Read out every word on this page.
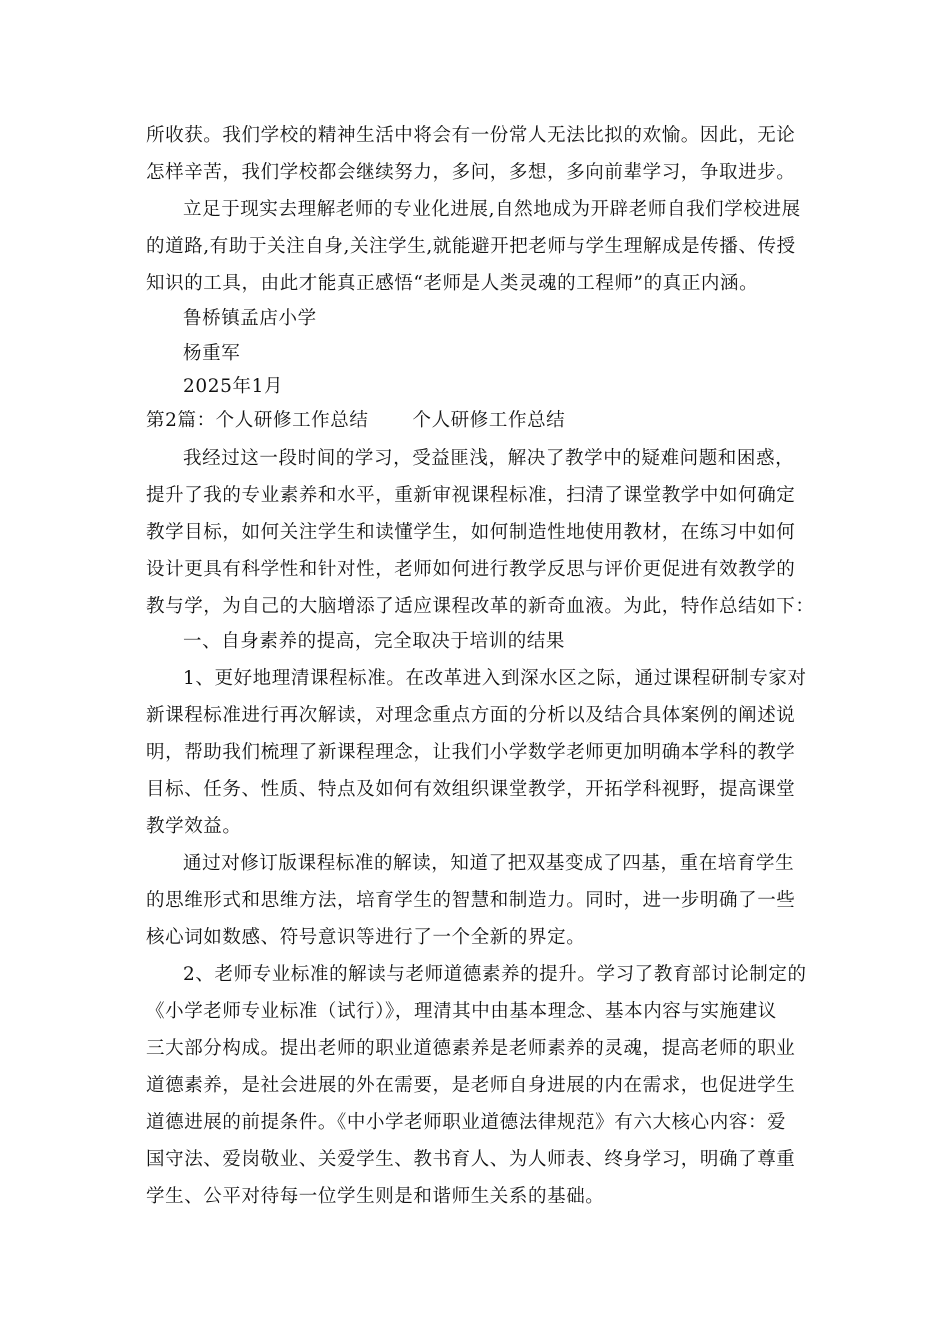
所收获。我们学校的精神生活中将会有一份常人无法比拟的欢愉。因此，无论
怎样辛苦，我们学校都会继续努力，多问，多想，多向前辈学习，争取进步。
立足于现实去理解老师的专业化进展,自然地成为开辟老师自我们学校进展
的道路,有助于关注自身,关注学生,就能避开把老师与学生理解成是传播、传授
知识的工具，由此才能真正感悟“老师是人类灵魂的工程师”的真正内涵。
鲁桥镇孟店小学
杨重军
2025年1月
第2篇：个人研修工作总结 个人研修工作总结
我经过这一段时间的学习，受益匪浅，解决了教学中的疑难问题和困惑，
提升了我的专业素养和水平，重新审视课程标准，扫清了课堂教学中如何确定
教学目标，如何关注学生和读懂学生，如何制造性地使用教材，在练习中如何
设计更具有科学性和针对性，老师如何进行教学反思与评价更促进有效教学的
教与学，为自己的大脑增添了适应课程改革的新奇血液。为此，特作总结如下：
一、自身素养的提高，完全取决于培训的结果
1、更好地理清课程标准。在改革进入到深水区之际，通过课程研制专家对
新课程标准进行再次解读，对理念重点方面的分析以及结合具体案例的阐述说
明，帮助我们梳理了新课程理念，让我们小学数学老师更加明确本学科的教学
目标、任务、性质、特点及如何有效组织课堂教学，开拓学科视野，提高课堂
教学效益。
通过对修订版课程标准的解读，知道了把双基变成了四基，重在培育学生
的思维形式和思维方法，培育学生的智慧和制造力。同时，进一步明确了一些
核心词如数感、符号意识等进行了一个全新的界定。
2、老师专业标准的解读与老师道德素养的提升。学习了教育部讨论制定的
《小学老师专业标准（试行）》，理清其中由基本理念、基本内容与实施建议
三大部分构成。提出老师的职业道德素养是老师素养的灵魂，提高老师的职业
道德素养，是社会进展的外在需要，是老师自身进展的内在需求，也促进学生
道德进展的前提条件。《中小学老师职业道德法律规范》有六大核心内容：爱
国守法、爱岗敬业、关爱学生、教书育人、为人师表、终身学习，明确了尊重
学生、公平对待每一位学生则是和谐师生关系的基础。
